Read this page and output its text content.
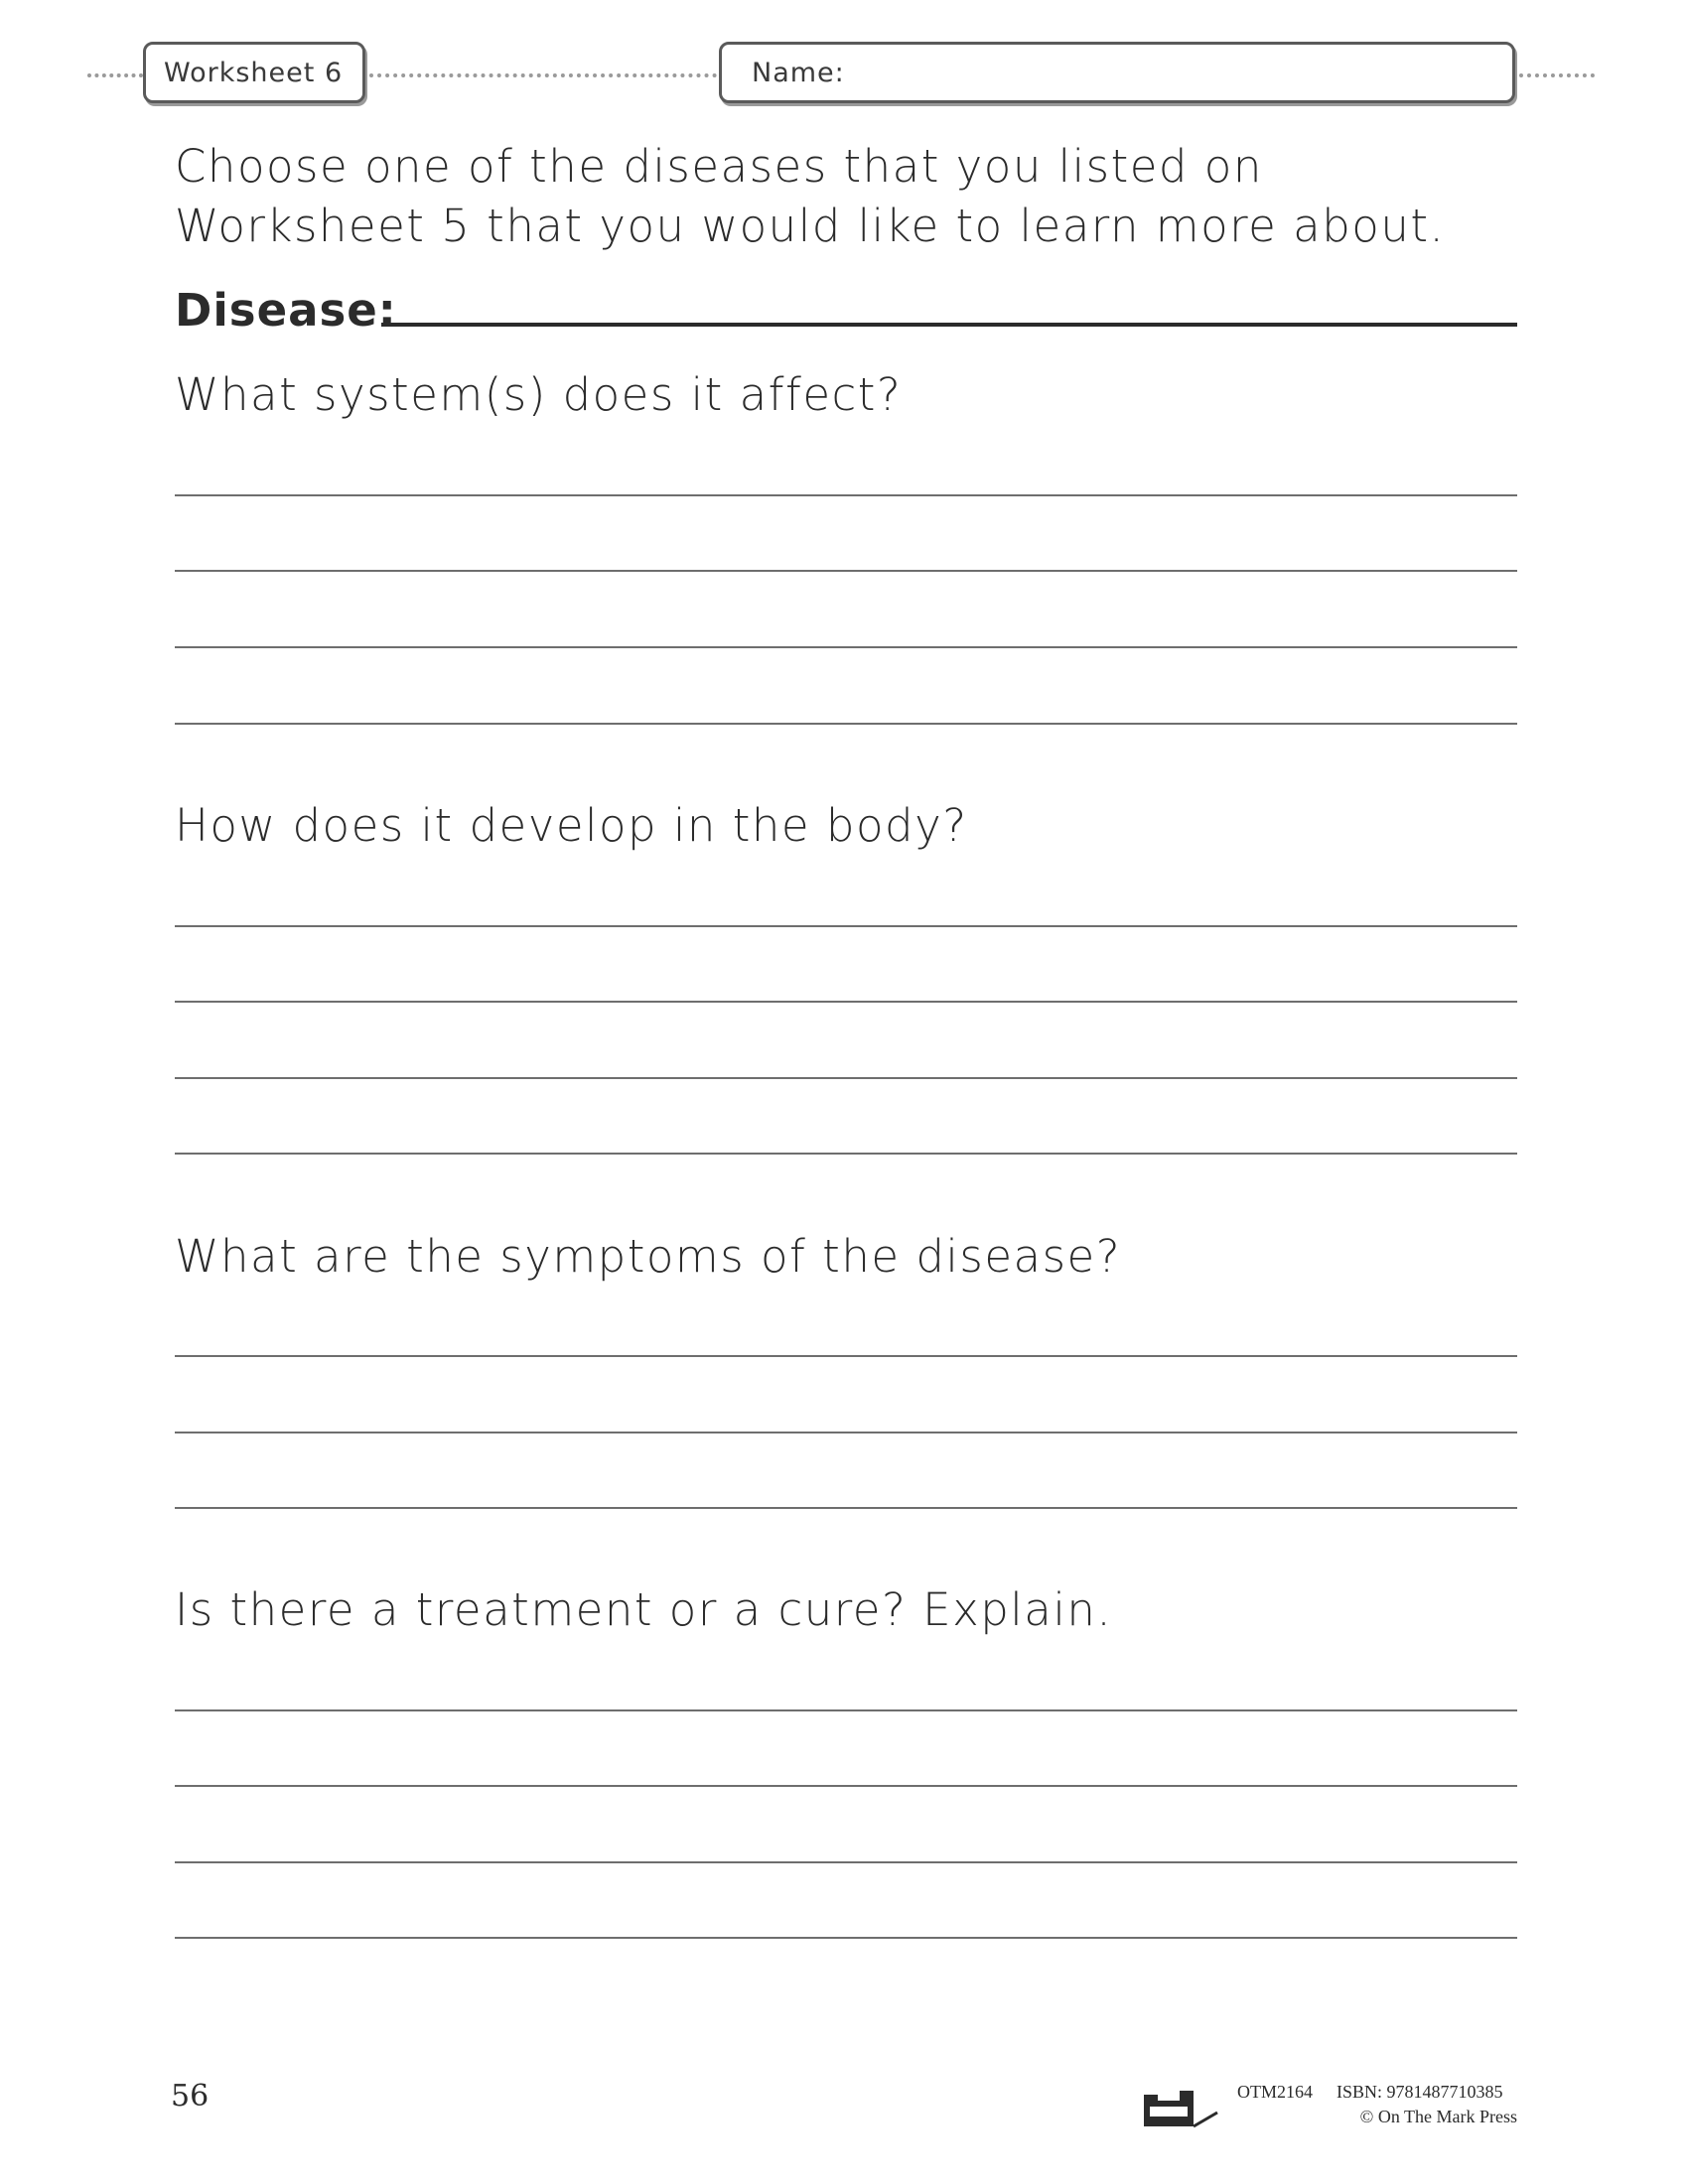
Worksheet 6	Name:
Choose one of the diseases that you listed on Worksheet 5 that you would like to learn more about.
Disease:
What system(s) does it affect?
How does it develop in the body?
What are the symptoms of the disease?
Is there a treatment or a cure? Explain.
56	OTM2164 ISBN: 9781487710385
© On The Mark Press
